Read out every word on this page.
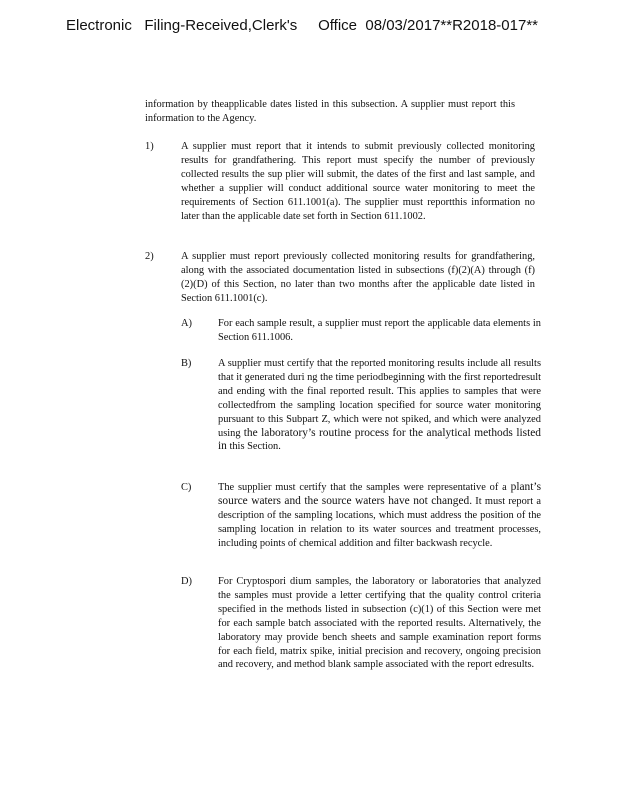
Electronic   Filing-Received,Clerk's     Office  08/03/2017**R2018-017**
information by theapplicable dates listed in this subsection. A supplier must report this information to the Agency.
1)	A supplier must report that it intends to submit previously collected monitoring results for grandfathering. This report must specify the number of previously collected results the sup plier will submit, the dates of the first and last sample, and whether a supplier will conduct additional source water monitoring to meet the requirements of Section 611.1001(a). The supplier must reportthis information no later than the applicable date set forth in Section 611.1002.
2)	A supplier must report previously collected monitoring results for grandfathering, along with the associated documentation listed in subsections (f)(2)(A) through (f)(2)(D) of this Section, no later than two months after the applicable date listed in Section 611.1001(c).
A)	For each sample result, a supplier must report the applicable data elements in Section 611.1006.
B)	A supplier must certify that the reported monitoring results include all results that it generated duri ng the time periodbeginning with the first reportedresult and ending with the final reported result. This applies to samples that were collectedfrom the sampling location specified for source water monitoring pursuant to this Subpart Z, which were not spiked, and which were analyzed using the laboratory’s routine process for the analytical methods listed in this Section.
C)	The supplier must certify that the samples were representative of a plant’s source waters and the source waters have not changed. It must report a description of the sampling locations, which must address the position of the sampling location in relation to its water sources and treatment processes, including points of chemical addition and filter backwash recycle.
D)	For Cryptospori dium samples, the laboratory or laboratories that analyzed the samples must provide a letter certifying that the quality control criteria specified in the methods listed in subsection (c)(1) of this Section were met for each sample batch associated with the reported results. Alternatively, the laboratory may provide bench sheets and sample examination report forms for each field, matrix spike, initial precision and recovery, ongoing precision and recovery, and method blank sample associated with the report edresults.
